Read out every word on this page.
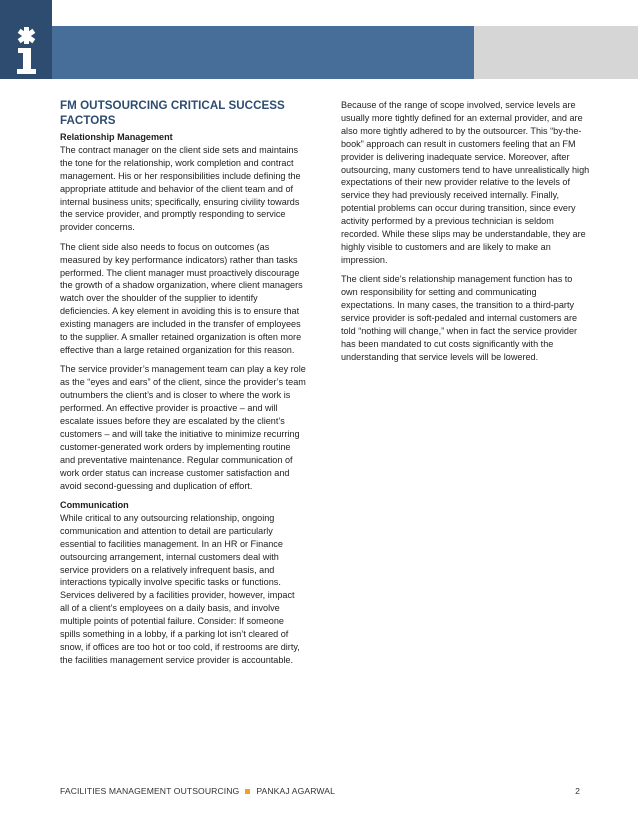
FM OUTSOURCING CRITICAL SUCCESS FACTORS
Relationship Management

The contract manager on the client side sets and maintains the tone for the relationship, work completion and contract management. His or her responsibilities include defining the appropriate attitude and behavior of the client team and of internal business units; specifically, ensuring civility towards the service provider, and promptly responding to service provider concerns.

The client side also needs to focus on outcomes (as measured by key performance indicators) rather than tasks performed. The client manager must proactively discourage the growth of a shadow organization, where client managers watch over the shoulder of the supplier to identify deficiencies. A key element in avoiding this is to ensure that existing managers are included in the transfer of employees to the supplier. A smaller retained organization is often more effective than a large retained organization for this reason.

The service provider’s management team can play a key role as the “eyes and ears” of the client, since the provider’s team outnumbers the client’s and is closer to where the work is performed. An effective provider is proactive – and will escalate issues before they are escalated by the client’s customers – and will take the initiative to minimize recurring customer-generated work orders by implementing routine and preventative maintenance. Regular communication of work order status can increase customer satisfaction and avoid second-guessing and duplication of effort.

Communication

While critical to any outsourcing relationship, ongoing communication and attention to detail are particularly essential to facilities management. In an HR or Finance outsourcing arrangement, internal customers deal with service providers on a relatively infrequent basis, and interactions typically involve specific tasks or functions. Services delivered by a facilities provider, however, impact all of a client’s employees on a daily basis, and involve multiple points of potential failure. Consider: If someone spills something in a lobby, if a parking lot isn’t cleared of snow, if offices are too hot or too cold, if restrooms are dirty, the facilities management service provider is accountable.

Because of the range of scope involved, service levels are usually more tightly defined for an external provider, and are also more tightly adhered to by the outsourcer. This “by-the-book” approach can result in customers feeling that an FM provider is delivering inadequate service. Moreover, after outsourcing, many customers tend to have unrealistically high expectations of their new provider relative to the levels of service they had previously received internally. Finally, potential problems can occur during transition, since every activity performed by a previous technician is seldom recorded. While these slips may be understandable, they are highly visible to customers and are likely to make an impression.

The client side’s relationship management function has to own responsibility for setting and communicating expectations. In many cases, the transition to a third-party service provider is soft-pedaled and internal customers are told “nothing will change,” when in fact the service provider has been mandated to cut costs significantly with the understanding that service levels will be lowered.

FACILITIES MANAGEMENT OUTSOURCING PANKAJ AGARWAL	2
